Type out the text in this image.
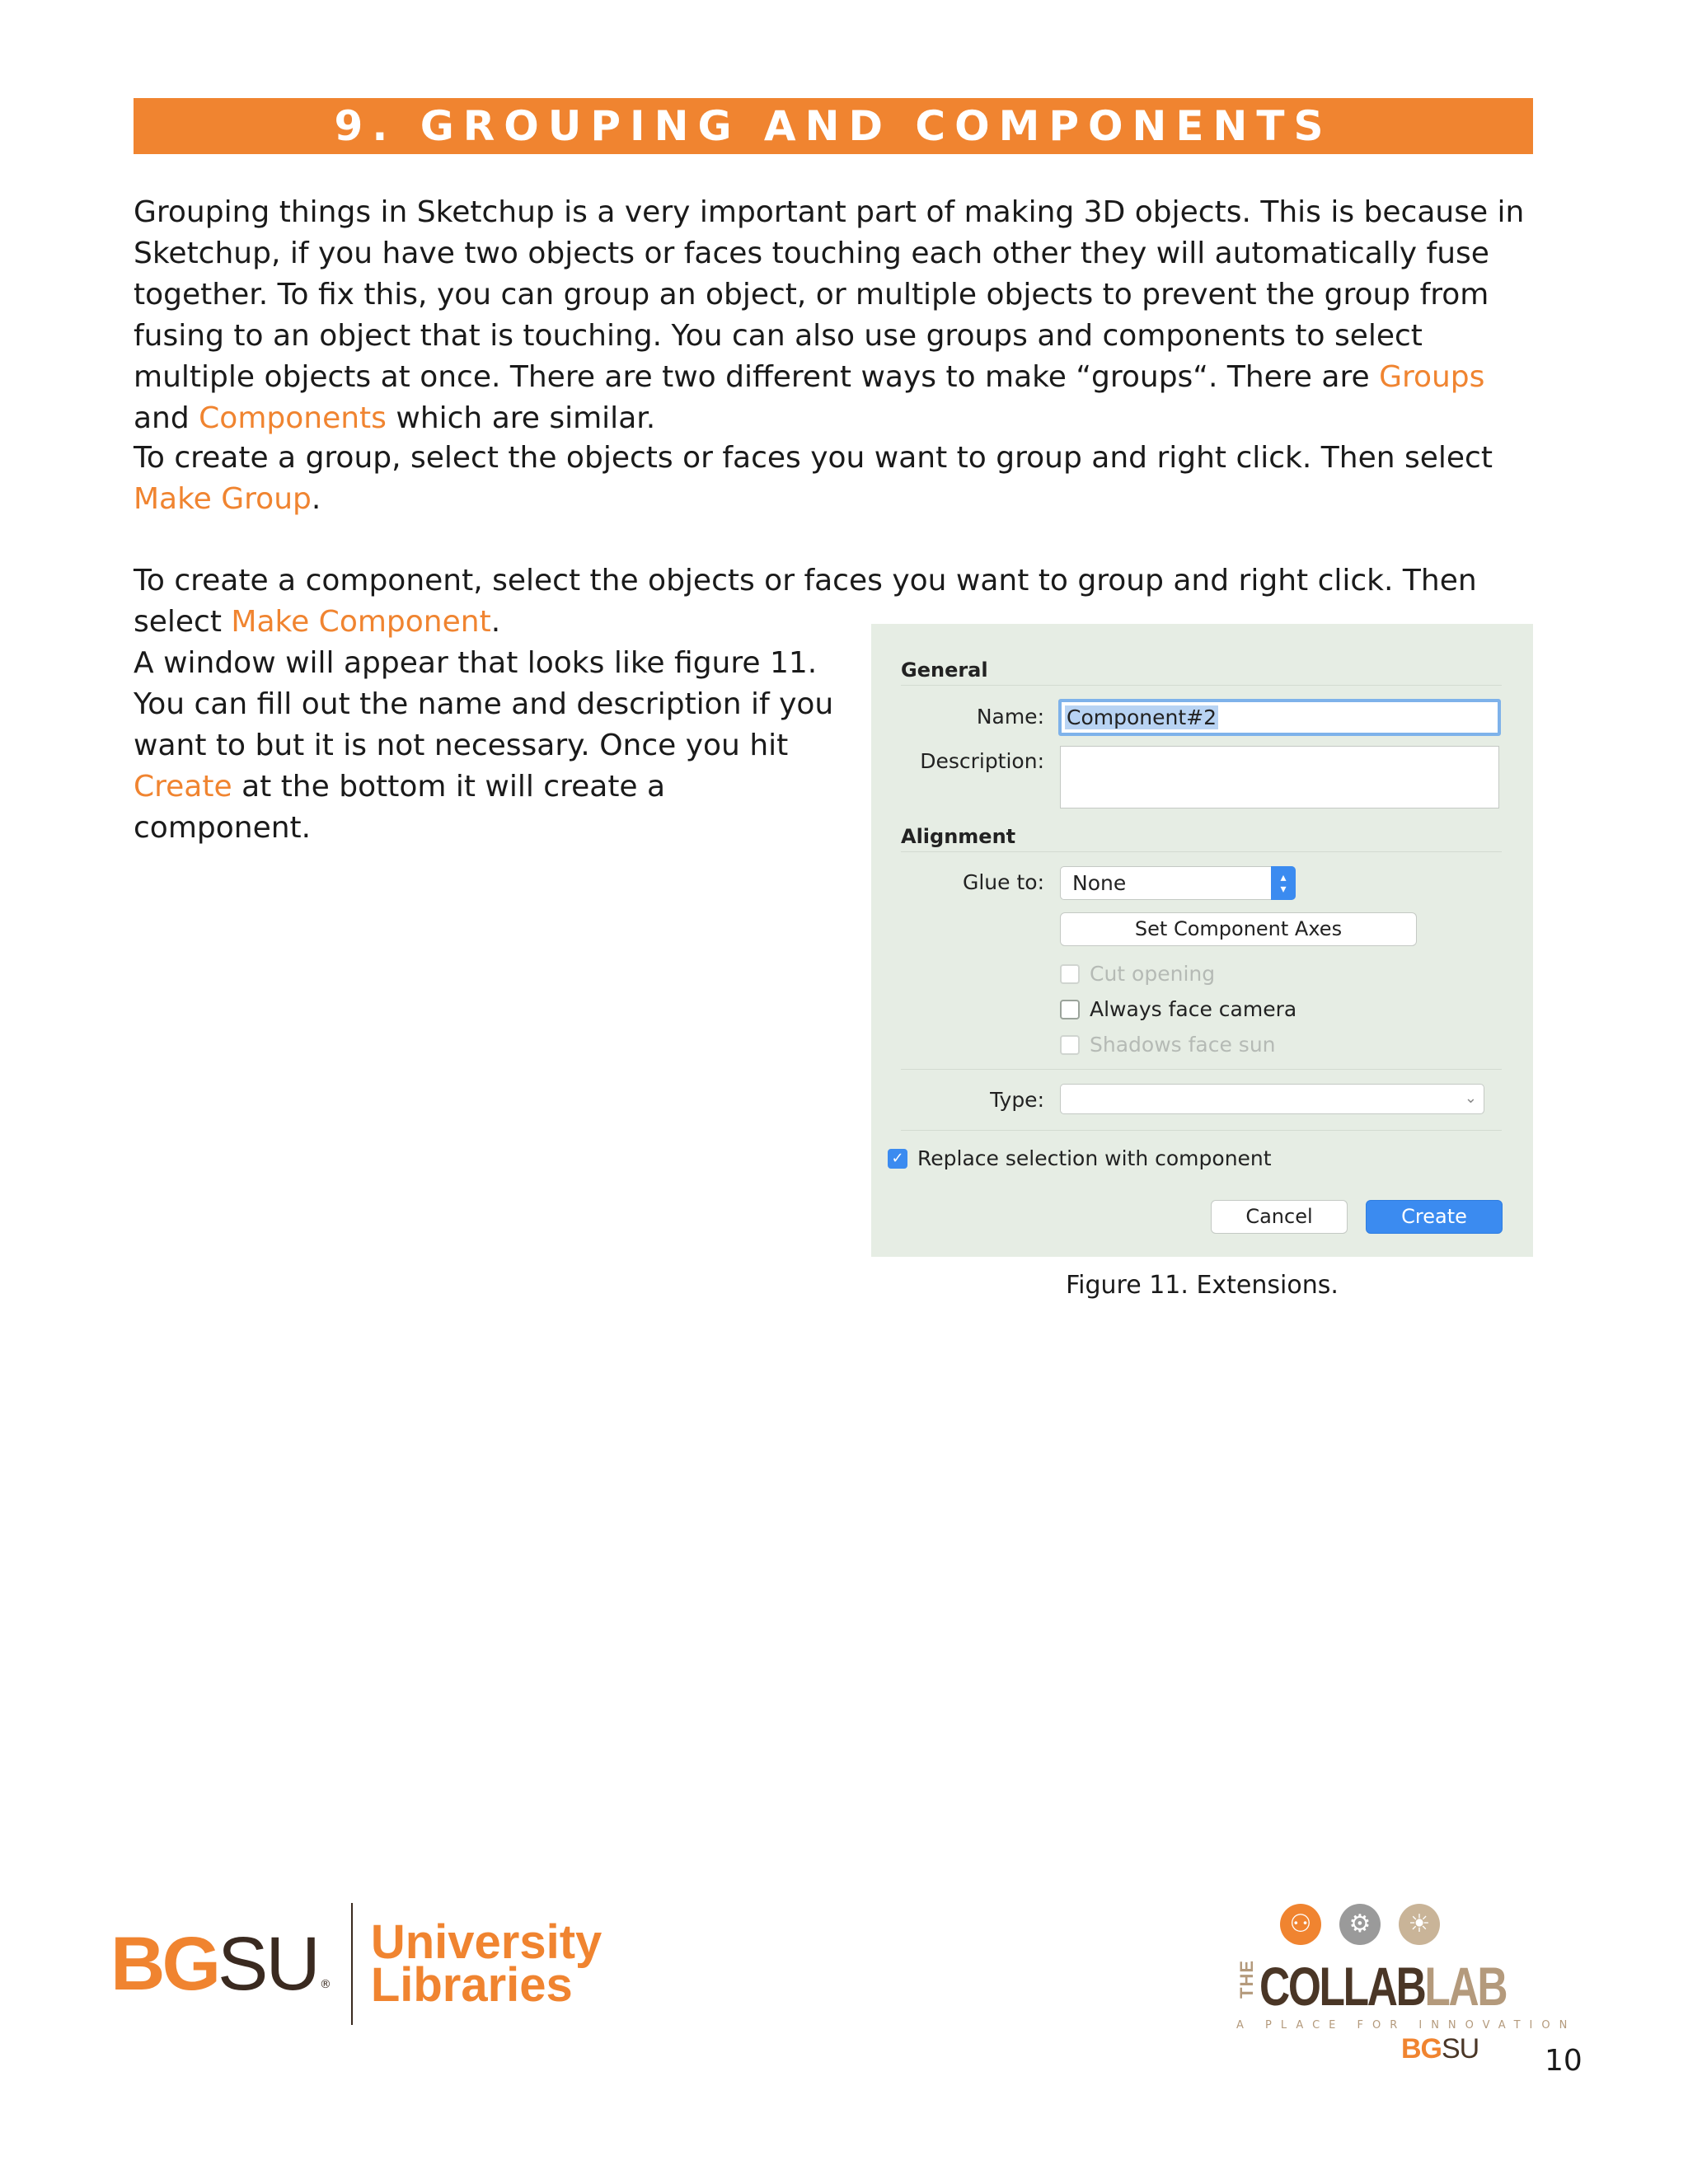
9. GROUPING AND COMPONENTS

Grouping things in Sketchup is a very important part of making 3D objects. This is because in Sketchup, if you have two objects or faces touching each other they will automatically fuse together. To fix this, you can group an object, or multiple objects to prevent the group from fusing to an object that is touching. You can also use groups and components to select multiple objects at once. There are two different ways to make “groups“. There are Groups and Components which are similar.

To create a group, select the objects or faces you want to group and right click. Then select Make Group.

To create a component, select the objects or faces you want to group and right click. Then select Make Component.

A window will appear that looks like figure 11.
You can fill out the name and description if you want to but it is not necessary. Once you hit Create at the bottom it will create a component.

General
Name:	Component#2
Description:
Alignment
Glue to:	None	▴
▾
Set Component Axes
Cut opening
Always face camera
Shadows face sun
Type:	⌄
✓ Replace selection with component
Cancel	Create
Figure 11. Extensions.
BG SU ®
University
Libraries
⚇	⚙	☀
THE COLLABLAB
A PLACE FOR INNOVATION
BGSU 10
